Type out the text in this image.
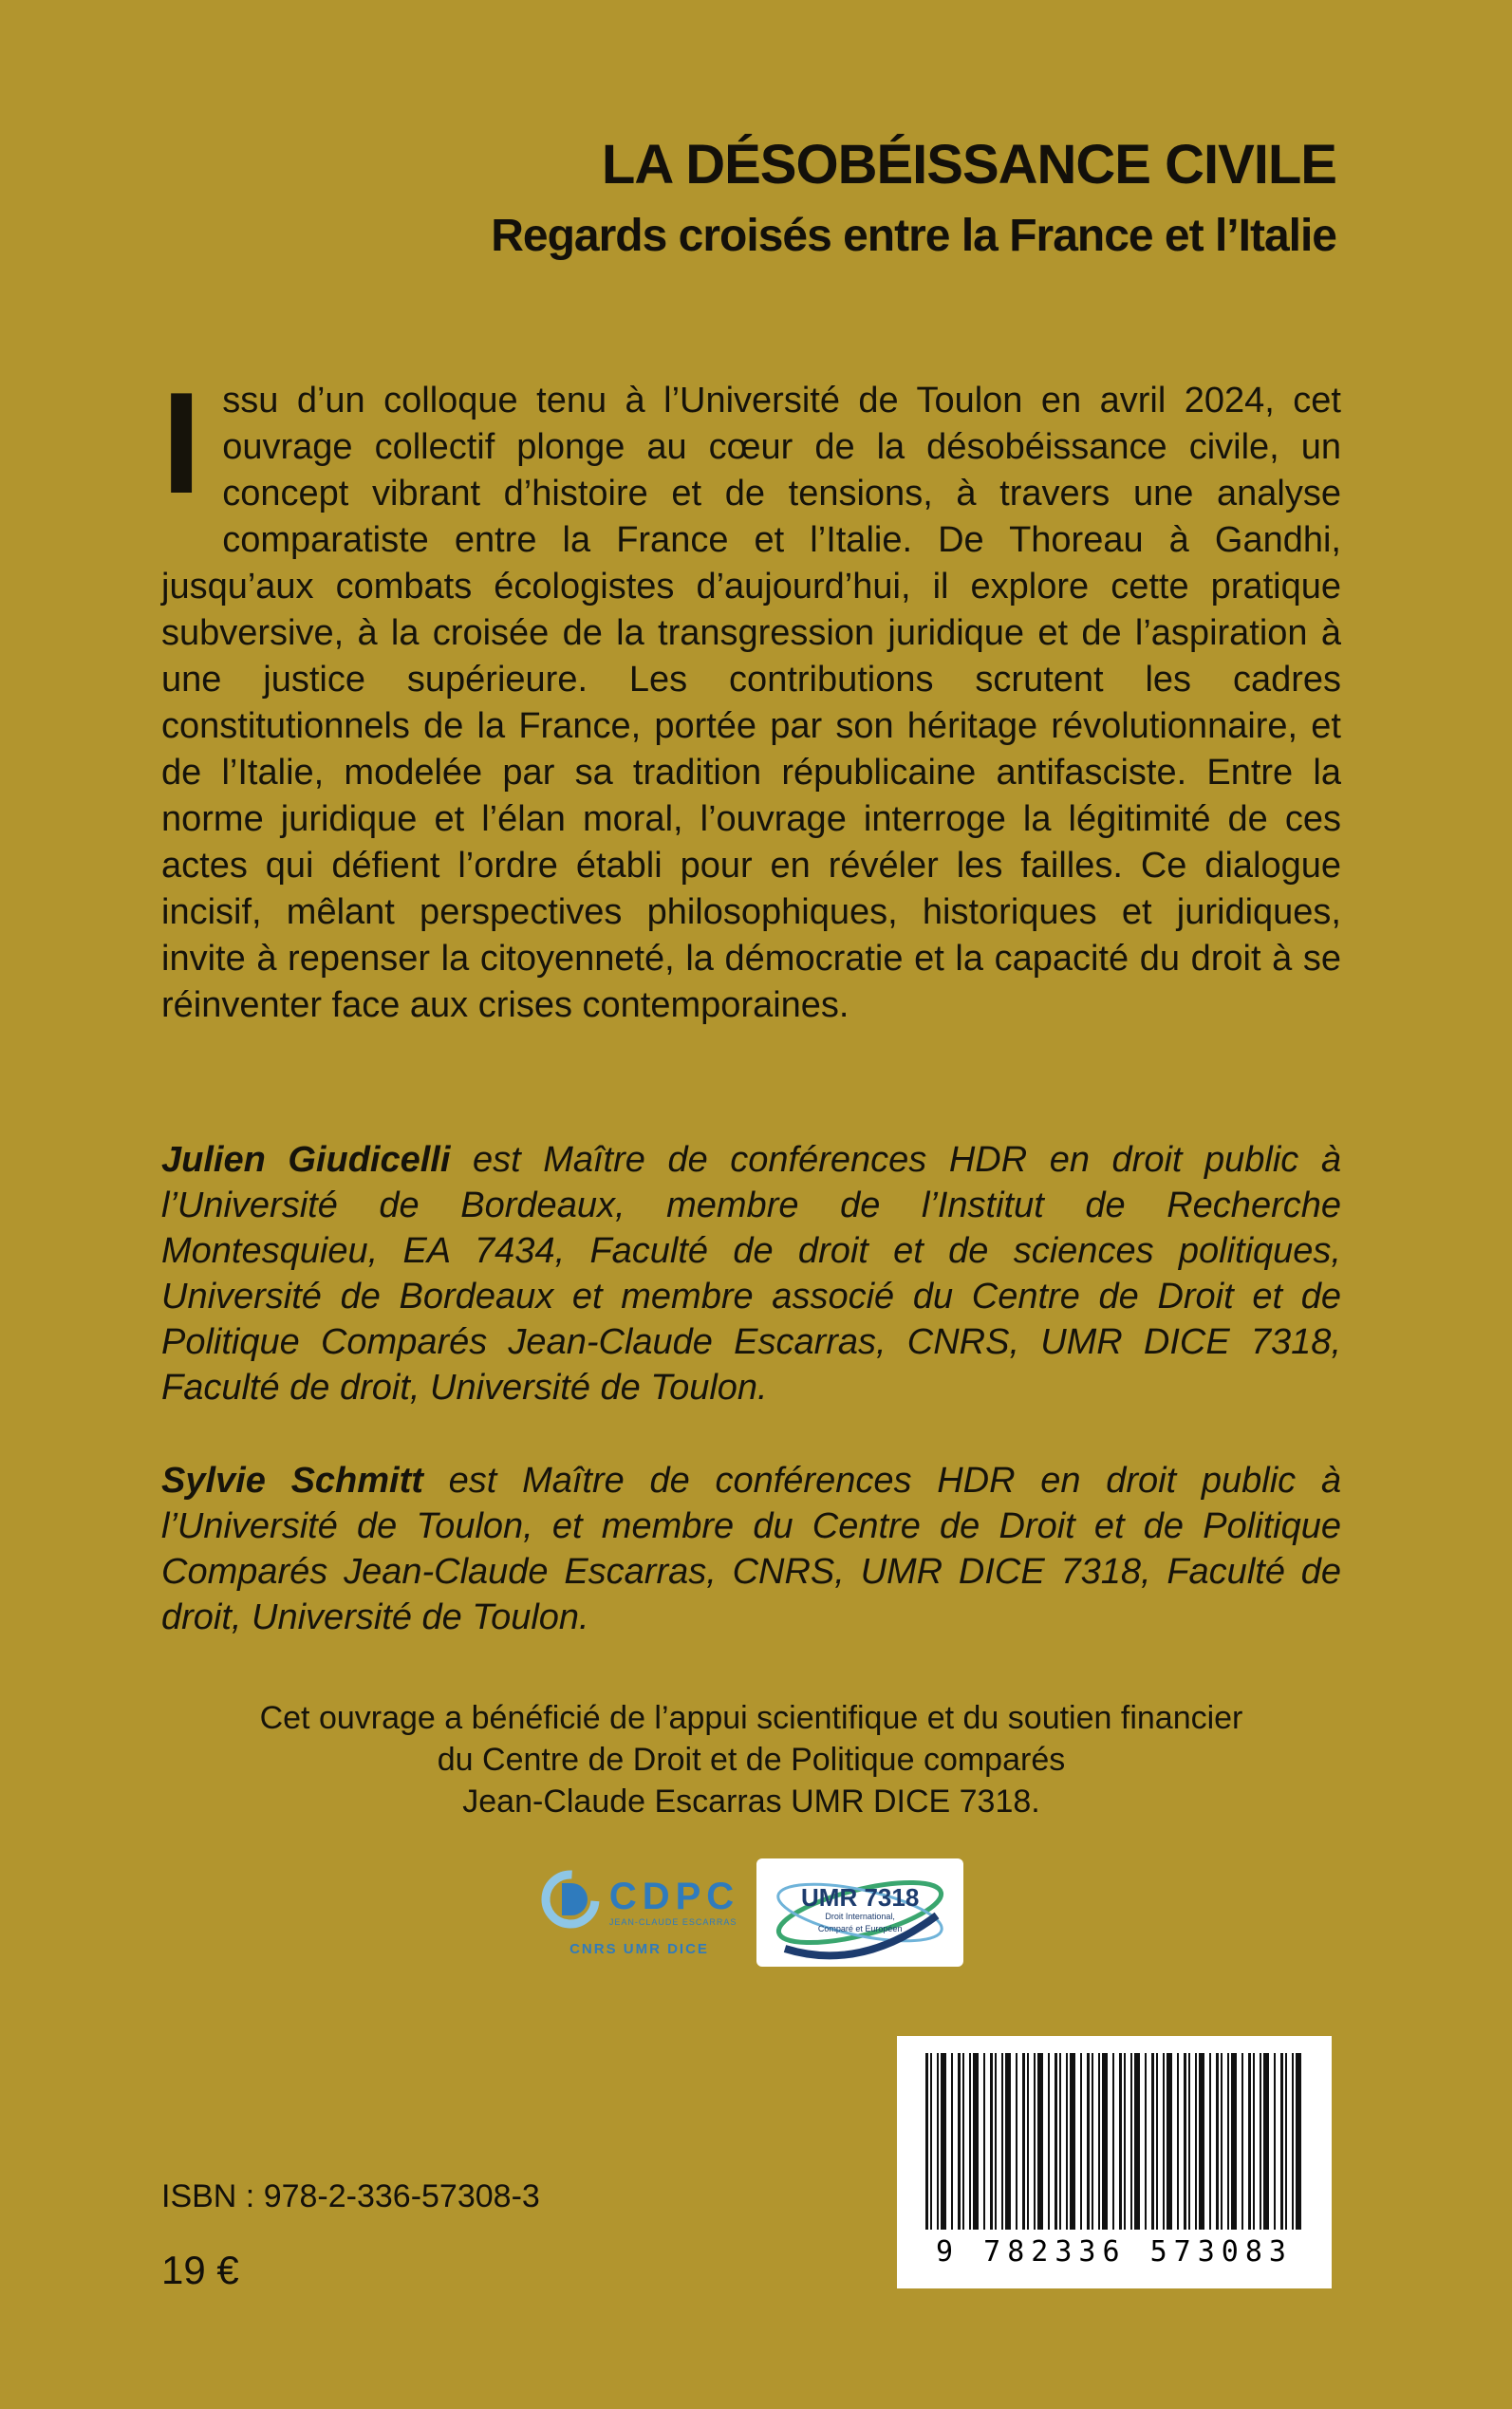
LA DÉSOBÉISSANCE CIVILE
Regards croisés entre la France et l’Italie

Issu d’un colloque tenu à l’Université de Toulon en avril 2024, cet ouvrage collectif plonge au cœur de la désobéissance civile, un concept vibrant d’histoire et de tensions, à travers une analyse comparatiste entre la France et l’Italie. De Thoreau à Gandhi, jusqu’aux combats écologistes d’aujourd’hui, il explore cette pratique subversive, à la croisée de la transgression juridique et de l’aspiration à une justice supérieure. Les contributions scrutent les cadres constitutionnels de la France, portée par son héritage révolutionnaire, et de l’Italie, modelée par sa tradition républicaine antifasciste. Entre la norme juridique et l’élan moral, l’ouvrage interroge la légitimité de ces actes qui défient l’ordre établi pour en révéler les failles. Ce dialogue incisif, mêlant perspectives philosophiques, historiques et juridiques, invite à repenser la citoyenneté, la démocratie et la capacité du droit à se réinventer face aux crises contemporaines.

Julien Giudicelli est Maître de conférences HDR en droit public à l’Université de Bordeaux, membre de l’Institut de Recherche Montesquieu, EA 7434, Faculté de droit et de sciences politiques, Université de Bordeaux et membre associé du Centre de Droit et de Politique Comparés Jean-Claude Escarras, CNRS, UMR DICE 7318, Faculté de droit, Université de Toulon.

Sylvie Schmitt est Maître de conférences HDR en droit public à l’Université de Toulon, et membre du Centre de Droit et de Politique Comparés Jean-Claude Escarras, CNRS, UMR DICE 7318, Faculté de droit, Université de Toulon.

Cet ouvrage a bénéficié de l’appui scientifique et du soutien financier
du Centre de Droit et de Politique comparés
Jean-Claude Escarras UMR DICE 7318.
CDPC
JEAN-CLAUDE ESCARRAS
CNRS UMR DICE
UMR 7318
Droit International,
Comparé et Européen
ISBN : 978-2-336-57308-3
19 €	9 782336 573083
